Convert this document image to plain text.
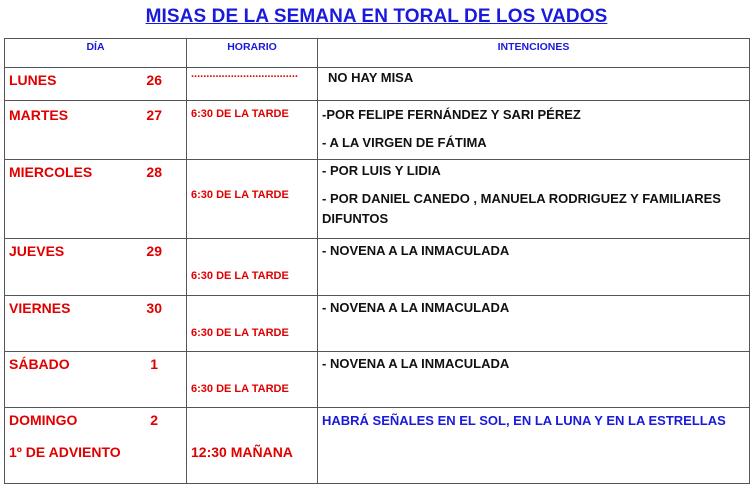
MISAS DE LA SEMANA EN TORAL DE LOS VADOS
DÍA	HORARIO	INTENCIONES

LUNES 26	...................................	NO HAY MISA

MARTES 27	6:30 DE LA TARDE	-POR FELIPE FERNÁNDEZ Y SARI PÉREZ
- A LA VIRGEN DE FÁTIMA

MIERCOLES 28	6:30 DE LA TARDE	- POR LUIS Y LIDIA
- POR DANIEL CANEDO , MANUELA RODRIGUEZ Y FAMILIARES DIFUNTOS

JUEVES 29	6:30 DE LA TARDE	- NOVENA A LA INMACULADA

VIERNES 30	6:30 DE LA TARDE	- NOVENA A LA INMACULADA

SÁBADO 1	6:30 DE LA TARDE	- NOVENA A LA INMACULADA

DOMINGO 2
1º DE ADVIENTO	12:30 MAÑANA	HABRÁ SEÑALES EN EL SOL, EN LA LUNA Y EN LA ESTRELLAS
